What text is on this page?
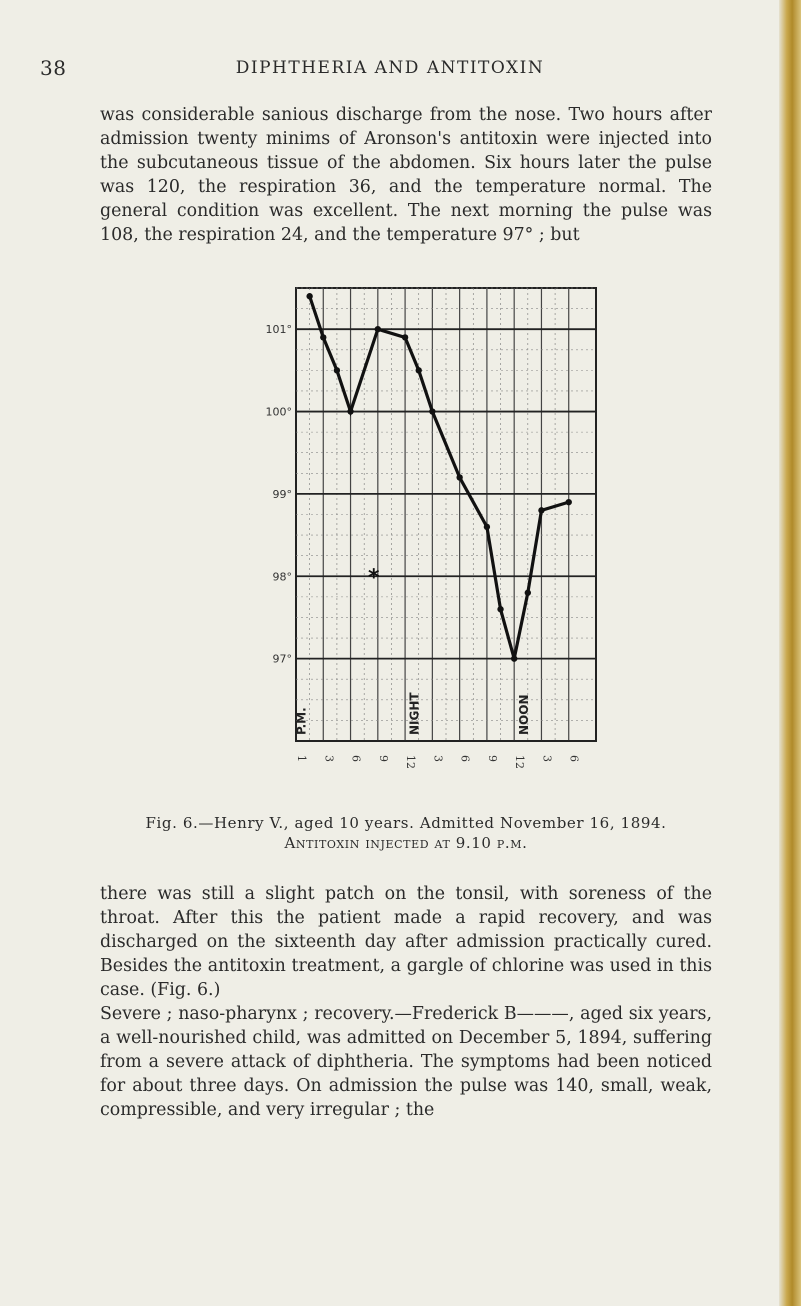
38	DIPHTHERIA AND ANTITOXIN

was considerable sanious discharge from the nose. Two hours after admission twenty minims of Aronson's antitoxin were injected into the subcutaneous tissue of the abdomen. Six hours later the pulse was 120, the respiration 36, and the temperature normal. The general condition was excellent. The next morning the pulse was 108, the respiration 24, and the temperature 97° ; but

101°
100°
99°
98°
97°
1 3 6 9 12 3 6 9 12 3 6
P.M.	NIGHT	NOON
*
Fig. 6.—Henry V., aged 10 years. Admitted November 16, 1894.
Antitoxin injected at 9.10 p.m.

there was still a slight patch on the tonsil, with soreness of the throat. After this the patient made a rapid recovery, and was discharged on the sixteenth day after admission practically cured. Besides the antitoxin treatment, a gargle of chlorine was used in this case. (Fig. 6.)

Severe ; naso-pharynx ; recovery.—Frederick B———, aged six years, a well-nourished child, was admitted on December 5, 1894, suffering from a severe attack of diphtheria. The symptoms had been noticed for about three days. On admission the pulse was 140, small, weak, compressible, and very irregular ; the
